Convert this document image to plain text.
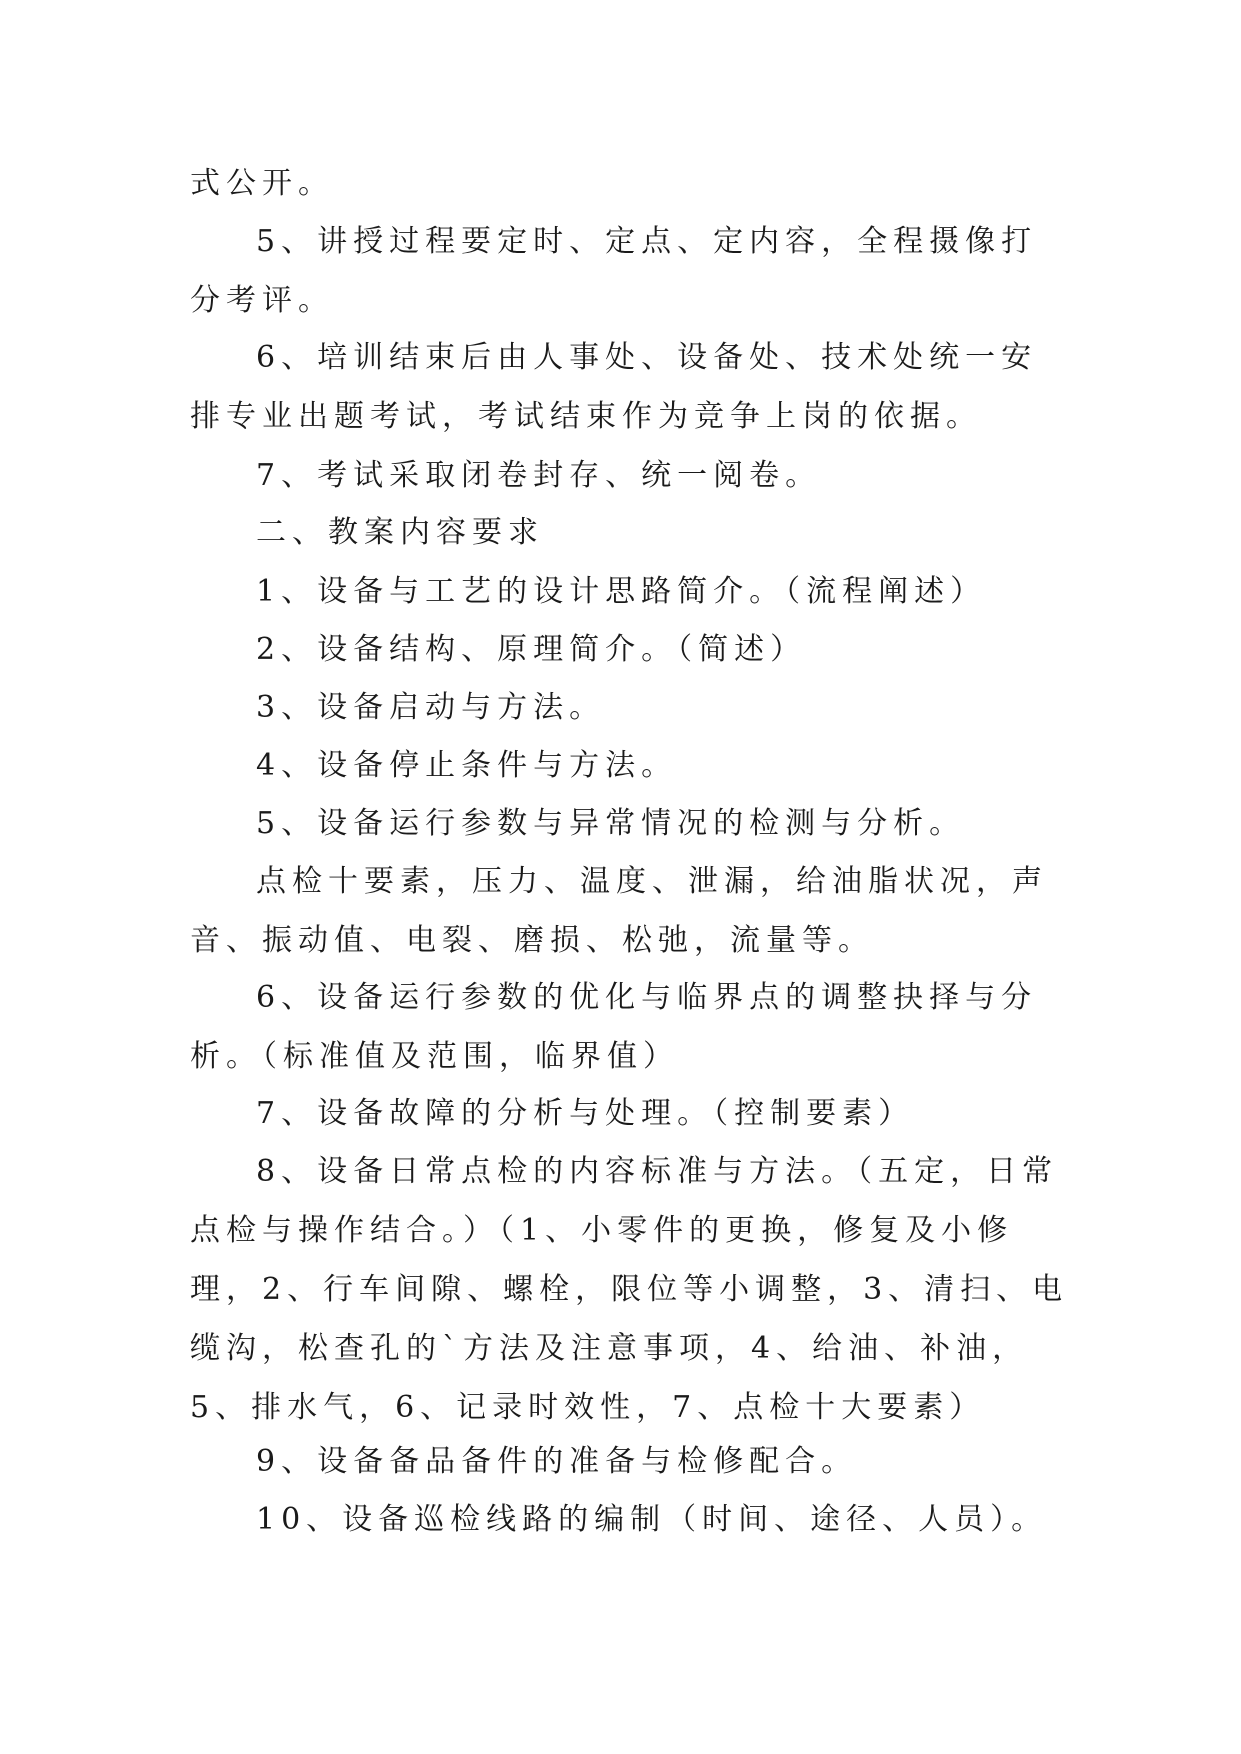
式公开。

5、讲授过程要定时、定点、定内容，全程摄像打分考评。

6、培训结束后由人事处、设备处、技术处统一安排专业出题考试，考试结束作为竞争上岗的依据。

7、考试采取闭卷封存、统一阅卷。

二、教案内容要求

1、设备与工艺的设计思路简介。（流程阐述）

2、设备结构、原理简介。（简述）

3、设备启动与方法。

4、设备停止条件与方法。

5、设备运行参数与异常情况的检测与分析。

点检十要素，压力、温度、泄漏，给油脂状况，声音、振动值、电裂、磨损、松弛，流量等。

6、设备运行参数的优化与临界点的调整抉择与分析。（标准值及范围，临界值）

7、设备故障的分析与处理。（控制要素）

8、设备日常点检的内容标准与方法。（五定，日常点检与操作结合。）（1、小零件的更换，修复及小修理，2、行车间隙、螺栓，限位等小调整，3、清扫、电缆沟，松查孔的`方法及注意事项，4、给油、补油，5、排水气，6、记录时效性，7、点检十大要素）

9、设备备品备件的准备与检修配合。

10、设备巡检线路的编制（时间、途径、人员）。
